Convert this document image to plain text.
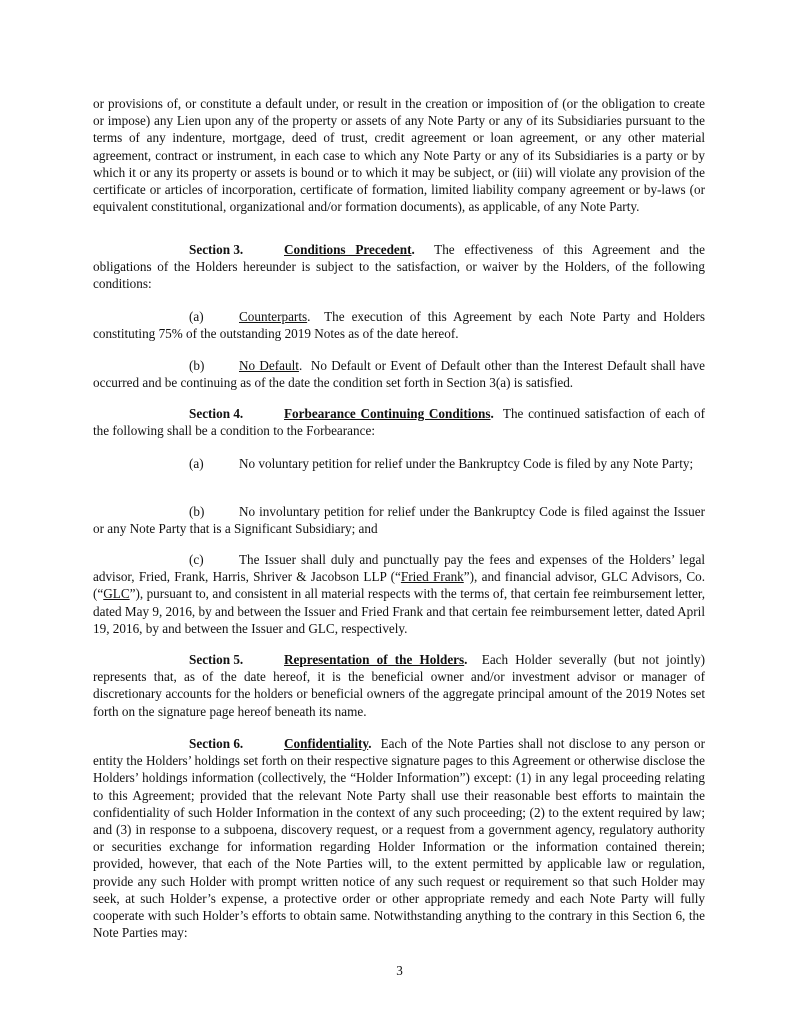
or provisions of, or constitute a default under, or result in the creation or imposition of (or the obligation to create or impose) any Lien upon any of the property or assets of any Note Party or any of its Subsidiaries pursuant to the terms of any indenture, mortgage, deed of trust, credit agreement or loan agreement, or any other material agreement, contract or instrument, in each case to which any Note Party or any of its Subsidiaries is a party or by which it or any its property or assets is bound or to which it may be subject, or (iii) will violate any provision of the certificate or articles of incorporation, certificate of formation, limited liability company agreement or by-laws (or equivalent constitutional, organizational and/or formation documents), as applicable, of any Note Party.

Section 3.	Conditions Precedent. The effectiveness of this Agreement and the obligations of the Holders hereunder is subject to the satisfaction, or waiver by the Holders, of the following conditions:

(a)	Counterparts.  The execution of this Agreement by each Note Party and Holders constituting 75% of the outstanding 2019 Notes as of the date hereof.

(b)	No Default.  No Default or Event of Default other than the Interest Default shall have occurred and be continuing as of the date the condition set forth in Section 3(a) is satisfied.

Section 4.	Forbearance Continuing Conditions. The continued satisfaction of each of the following shall be a condition to the Forbearance:

(a)	No voluntary petition for relief under the Bankruptcy Code is filed by any Note Party;

(b)	No involuntary petition for relief under the Bankruptcy Code is filed against the Issuer or any Note Party that is a Significant Subsidiary; and

(c)	The Issuer shall duly and punctually pay the fees and expenses of the Holders’ legal advisor, Fried, Frank, Harris, Shriver & Jacobson LLP (“Fried Frank”), and financial advisor, GLC Advisors, Co. (“GLC”), pursuant to, and consistent in all material respects with the terms of, that certain fee reimbursement letter, dated May 9, 2016, by and between the Issuer and Fried Frank and that certain fee reimbursement letter, dated April 19, 2016, by and between the Issuer and GLC, respectively.

Section 5.	Representation of the Holders. Each Holder severally (but not jointly) represents that, as of the date hereof, it is the beneficial owner and/or investment advisor or manager of discretionary accounts for the holders or beneficial owners of the aggregate principal amount of the 2019 Notes set forth on the signature page hereof beneath its name.

Section 6.	Confidentiality. Each of the Note Parties shall not disclose to any person or entity the Holders’ holdings set forth on their respective signature pages to this Agreement or otherwise disclose the Holders’ holdings information (collectively, the “Holder Information”) except: (1) in any legal proceeding relating to this Agreement; provided that the relevant Note Party shall use their reasonable best efforts to maintain the confidentiality of such Holder Information in the context of any such proceeding; (2) to the extent required by law; and (3) in response to a subpoena, discovery request, or a request from a government agency, regulatory authority or securities exchange for information regarding Holder Information or the information contained therein; provided, however, that each of the Note Parties will, to the extent permitted by applicable law or regulation, provide any such Holder with prompt written notice of any such request or requirement so that such Holder may seek, at such Holder’s expense, a protective order or other appropriate remedy and each Note Party will fully cooperate with such Holder’s efforts to obtain same. Notwithstanding anything to the contrary in this Section 6, the Note Parties may:

3
